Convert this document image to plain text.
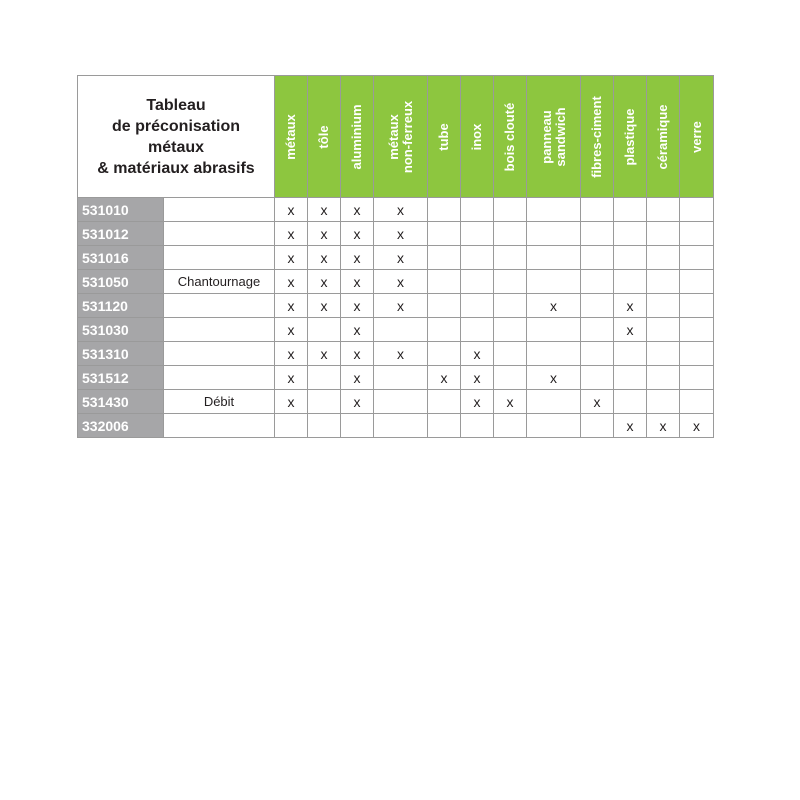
Tableau
de préconisation
métaux
& matériaux abrasifs		métaux	tôle	aluminium	métaux non-ferreux	tube	inox	bois clouté	panneau sandwich	fibres-ciment	plastique	céramique	verre

531010		x	x	x	x								
531012		x	x	x	x								
531016		x	x	x	x								
531050	Chantournage	x	x	x	x								
531120		x	x	x	x				x		x		
531030		x		x							x		
531310		x	x	x	x		x						
531512		x		x		x	x		x				
531430	Débit	x		x			x	x		x			
332006											x	x	x
